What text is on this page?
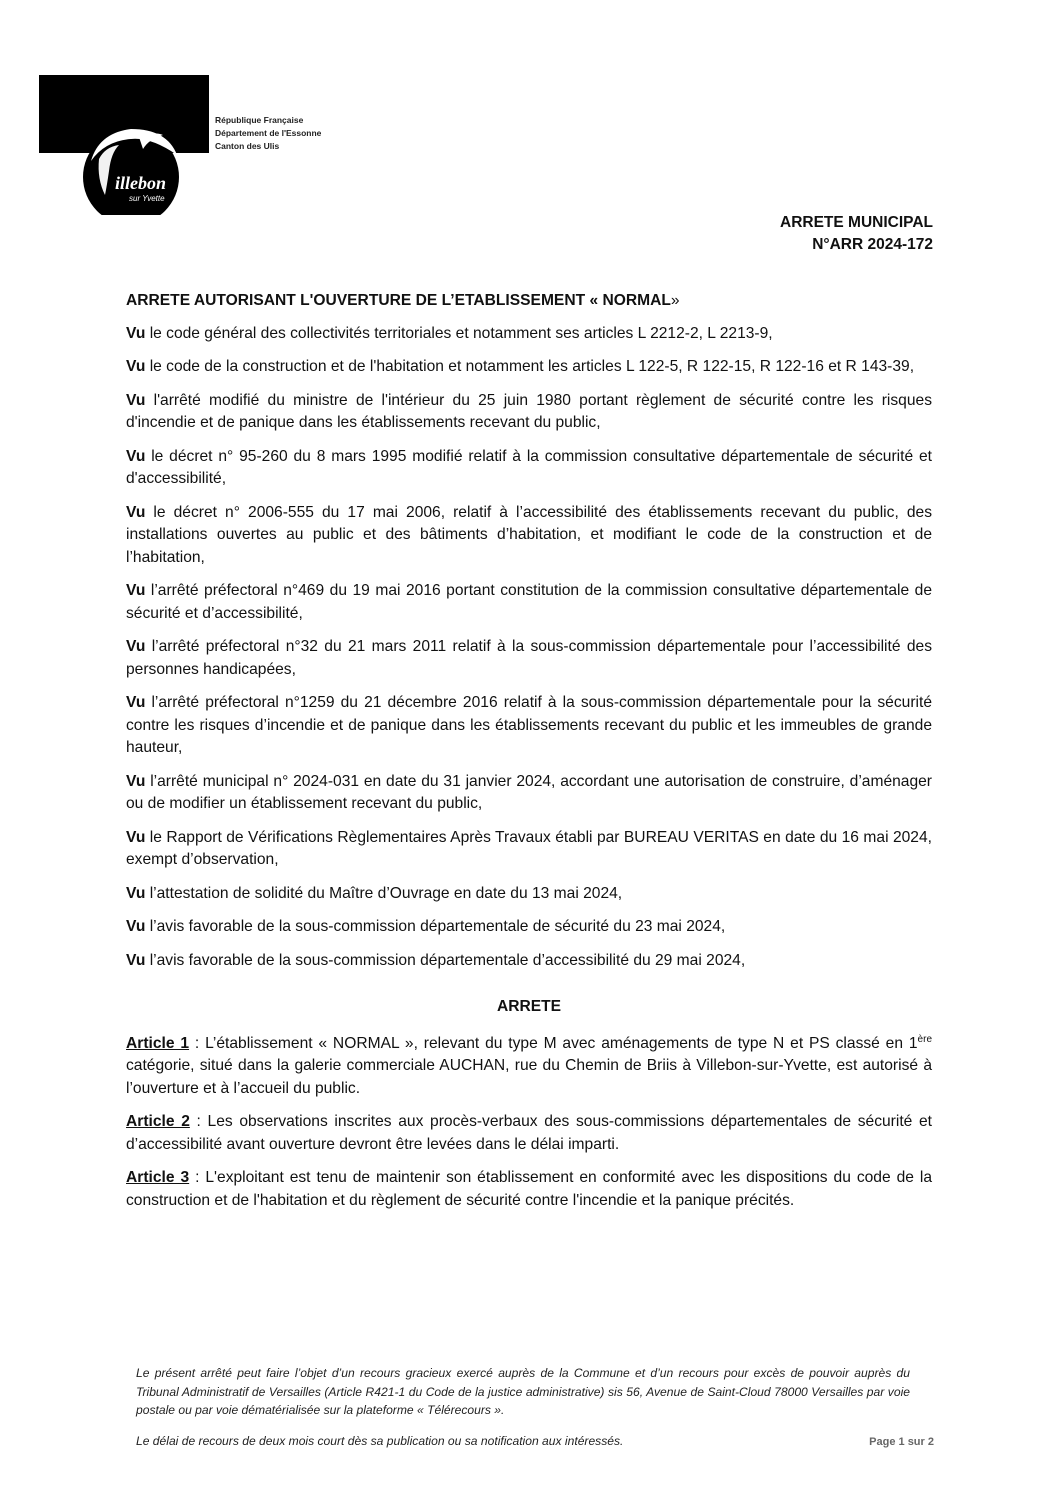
illebon
sur Yvette
République Française
Département de l'Essonne
Canton des Ulis
ARRETE MUNICIPAL
N°ARR 2024-172

ARRETE AUTORISANT L'OUVERTURE DE L’ETABLISSEMENT « NORMAL»

Vu le code général des collectivités territoriales et notamment ses articles L 2212-2, L 2213-9,

Vu le code de la construction et de l'habitation et notamment les articles L 122-5, R 122-15, R 122-16 et R 143-39,

Vu l'arrêté modifié du ministre de l'intérieur du 25 juin 1980 portant règlement de sécurité contre les risques d'incendie et de panique dans les établissements recevant du public,

Vu le décret n° 95-260 du 8 mars 1995 modifié relatif à la commission consultative départementale de sécurité et d'accessibilité,

Vu le décret n° 2006-555 du 17 mai 2006, relatif à l’accessibilité des établissements recevant du public, des installations ouvertes au public et des bâtiments d’habitation, et modifiant le code de la construction et de l’habitation,

Vu l’arrêté préfectoral n°469 du 19 mai 2016 portant constitution de la commission consultative départementale de sécurité et d’accessibilité,

Vu l’arrêté préfectoral n°32 du 21 mars 2011 relatif à la sous-commission départementale pour l’accessibilité des personnes handicapées,

Vu l’arrêté préfectoral n°1259 du 21 décembre 2016 relatif à la sous-commission départementale pour la sécurité contre les risques d’incendie et de panique dans les établissements recevant du public et les immeubles de grande hauteur,

Vu l’arrêté municipal n° 2024-031 en date du 31 janvier 2024, accordant une autorisation de construire, d’aménager ou de modifier un établissement recevant du public,

Vu le Rapport de Vérifications Règlementaires Après Travaux établi par BUREAU VERITAS en date du 16 mai 2024, exempt d’observation,

Vu l’attestation de solidité du Maître d’Ouvrage en date du 13 mai 2024,

Vu l’avis favorable de la sous-commission départementale de sécurité du 23 mai 2024,

Vu l’avis favorable de la sous-commission départementale d’accessibilité du 29 mai 2024,

ARRETE

Article 1 : L’établissement « NORMAL », relevant du type M avec aménagements de type N et PS classé en 1ère catégorie, situé dans la galerie commerciale AUCHAN, rue du Chemin de Briis à Villebon-sur-Yvette, est autorisé à l’ouverture et à l’accueil du public.

Article 2 : Les observations inscrites aux procès-verbaux des sous-commissions départementales de sécurité et d’accessibilité avant ouverture devront être levées dans le délai imparti.

Article 3 : L'exploitant est tenu de maintenir son établissement en conformité avec les dispositions du code de la construction et de l'habitation et du règlement de sécurité contre l'incendie et la panique précités.

Le présent arrêté peut faire l’objet d’un recours gracieux exercé auprès de la Commune et d’un recours pour excès de pouvoir auprès du Tribunal Administratif de Versailles (Article R421-1 du Code de la justice administrative) sis 56, Avenue de Saint-Cloud 78000 Versailles par voie postale ou par voie dématérialisée sur la plateforme « Télérecours ».

Le délai de recours de deux mois court dès sa publication ou sa notification aux intéressés.	Page 1 sur 2
